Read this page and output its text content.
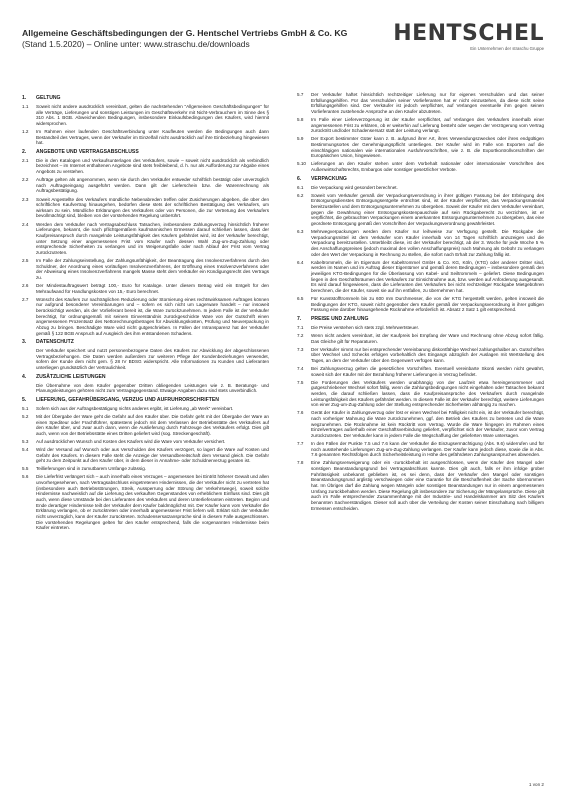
Allgemeine Geschäftsbedingungen der G. Hentschel Vertriebs GmbH & Co. KG
(Stand 1.5.2020) – Online unter: www.straschu.de/downloads	HENTSCHEL
Ein Unternehmen der straschu Gruppe
1.	GELTUNG
1.1	Soweit nicht andere ausdrücklich vereinbart, gelten die nachstehenden "Allgemeinen Geschäftsbedingungen" für alle Verträge, Lieferungen und sonstigen Leistungen im Geschäftsverkehr mit Nicht-Verbrauchern im Sinne des § 310 Abs. 1 BGB. Abweichenden Bedingungen, insbesondere Einkaufsbedingungen des Käufers, wird hiermit widersprochen.
1.2	Im Rahmen einer laufenden Geschäftsverbindung unter Kaufleuten werden die Bedingungen auch dann Bestandteil des Vertrages, wenn der Verkäufer im Einzelfall nicht ausdrücklich auf ihre Einbeziehung hingewiesen hat.
2.	ANGEBOTE UND VERTRAGSABSCHLUSS
2.1	Die in den Katalogen und Verkaufsunterlagen des Verkäufers, sowie – soweit nicht ausdrücklich als verbindlich bezeichnet – im Internet enthaltenen Angebote sind stets freibleibend, d. h. nur als Aufforderung zur Abgabe eines Angebots zu verstehen.
2.2	Aufträge gelten als angenommen, wenn sie durch den Verkäufer entweder schriftlich bestätigt oder unverzüglich nach Auftragseingang ausgeführt werden. Dann gilt der Lieferschein bzw. die Warenrechnung als Auftragsbestätigung.
2.3	Soweit Angestellte des Verkäufers mündliche Nebenabreden treffen oder Zusicherungen abgeben, die über den schriftlichen Kaufvertrag hinausgehen, bedürfen diese stets der schriftlichen Bestätigung des Verkäufers, um wirksam zu sein. Mündliche Erklärungen des Verkäufers oder von Personen, die zur Vertretung des Verkäufers bevollmächtigt sind, bleiben von der vorstehenden Regelung unberührt.
2.4	Werden dem Verkäufer nach Vertragsabschluss Tatsachen, insbesondere Zahlungsverzug hinsichtlich früherer Lieferungen, bekannt, die nach pflichtgemäßem kaufmännischen Ermessen darauf schließen lassen, dass der Kaufpreisanspruch durch mangelnde Leistungsfähigkeit des Käufers gefährdet wird, ist der Verkäufer berechtigt, unter Setzung einer angemessenen Frist vom Käufer nach dessen Wahl Zug-um-Zug-Zahlung oder entsprechende Sicherheiten zu verlangen und im Weigerungsfalle oder nach Ablauf der Frist vom Vertrag zurückzutreten.
2.5	Im Falle der Zahlungseinstellung, der Zahlungsunfähigkeit, der Beantragung des Insolvenzverfahrens durch den Schuldner, der Anordnung eines vorläufigen Insolvenzverfahrens, der Eröffnung eines Insolvenzverfahrens oder der Abweisung eines Insolvenzverfahrens mangels Masse steht dem Verkäufer ein Kündigungsrecht des Vertrags zu.
2.6	Der Mindestauftragswert beträgt 100,- Euro für Kataloge. Unter diesem Betrag wird ein Entgelt für den Mehraufwand für Handlungskosten von 15,- Euro berechnet.
2.7	Wünscht des Käufers zur nachträglichen Reduzierung oder Stornierung eines rechtswirksamen Auftrages können nur aufgrund besonderer Vereinbarungen und – sofern es sich nicht um Lagerware handelt – nur insoweit berücksichtigt werden, als der Vorlieferant bereit ist, die Ware zurückzunehmen. In jedem Falle ist der Verkäufer berechtigt, für ordnungsgemäß mit seinem Einverständnis zurückgeschickte Ware von der Gutschrift einen angemessenen Prozentsatz des Nettorechnungsbetrages für Abwicklungskosten, Prüfung und Neuverpackung in Abzug zu bringen. Beschädigte Ware wird nicht gutgeschrieben. In Fällen der Intransparenz hat der Verkäufer gemäß § 122 BGB Anspruch auf Ausgleich des ihm entstandenen Schadens.
3.	DATENSCHUTZ
Der Verkäufer speichert und nutzt personenbezogene Daten des Käufers zur Abwicklung der abgeschlossenen Vertragsbeziehungen. Die Daten werden außerdem zur weiteren Pflege der Kundenbeziehungen verwendet, sofern der Kunde dem nicht gem. § 28 IV BDSG widerspricht. Alle Informationen zu Kunden und Lieferanten unterliegen grundsätzlich der Vertraulichkeit.
4.	ZUSÄTZLICHE LEISTUNGEN
Die Übernahme von dem Käufer gegenüber Dritten obliegenden Leistungen wie z. B. Beratungs- und Planungsleistungen gehören nicht zum Vertragsgegenstand. Etwaige Angaben dazu sind stets unverbindlich.
5.	LIEFERUNG, GEFAHRÜBERGANG, VERZUG UND AUFRUHRORSCHRIFTEN
5.1	Sofern sich aus der Auftragsbestätigung nichts anderes ergibt, ist Lieferung „ab Werk“ vereinbart.
5.2	Mit der Übergabe der Ware geht die Gefahr auf den Käufer über. Die Gefahr geht mit der Übergabe der Ware an einen Spediteur oder Frachtführer, spätestens jedoch mit dem Verlassen der Betriebsstätte des Verkäufers auf den Käufer über, und zwar auch dann, wenn die Auslieferung durch Fahrzeuge des Verkäufers erfolgt. Dies gilt auch, wenn von der Betriebsstätte eines Dritten geliefert wird (sog. Streckengeschäft).
5.3	Auf ausdrücklichen Wunsch und Kosten des Käufers wird die Ware vom Verkäufer versichert.
5.4	Wird der Versand auf Wunsch oder aus Verschulden des Käufers verzögert, so lagert die Ware auf Kosten und Gefahr des Käufers. In diesem Falle steht die Anzeige der Versandbereitschaft dem Versand gleich. Die Gefahr geht zu dem Zeitpunkt auf den Käufer über, in dem dieser in Annahme- oder Schuldnerverzug geraten ist.
5.5	Teillieferungen sind in zumutbarem Umfange zulässig.
5.6	Die Lieferfrist verlängert sich – auch innerhalb eines Verzuges – angemessen bei Eintritt höherer Gewalt und allen unvorhergesehenen, nach Vertragsabschluss eingetretenen Hindernissen, die der Verkäufer nicht zu vertreten hat (insbesondere auch Betriebsstörungen, Streik, Aussperrung oder Störung der Verkehrswege), soweit solche Hindernisse nachweislich auf die Lieferung des verkauften Gegenstandes von erheblichem Einfluss sind. Dies gilt auch, wenn diese Umstände bei den Lieferanten des Verkäufers und deren Unterlieferanten eintreten. Beginn und Ende derartiger Hindernisse teilt der Verkäufer dem Käufer baldmöglichst mit. Der Käufer kann vom Verkäufer die Erklärung verlangen, ob er zurücktreten oder innerhalb angemessener Frist liefern will. Erklärt sich der Verkäufer nicht unverzüglich, kann der Käufer zurücktreten. Schadensersatzansprüche sind in diesem Falle ausgeschlossen. Die vorstehenden Regelungen gelten für den Käufer entsprechend, falls die vorgenannten Hindernisse beim Käufer eintreten.
5.7	Der Verkäufer haftet hinsichtlich rechtzeitiger Lieferung nur für eigenes Verschulden und das seiner Erfüllungsgehilfen. Für das Verschulden seiner Vorlieferanten hat er nicht einzustehen, da diese nicht seine Erfüllungsgehilfen sind. Der Verkäufer ist jedoch verpflichtet, auf Verlangen eventuelle ihm gegen seinen Vorlieferanten zustehende Ansprüche an den Käufer abzutreten.
5.8	Im Falle einer Lieferverzögerung ist der Käufer verpflichtet, auf Verlangen des Verkäufers innerhalb einer angemessenen Frist zu erklären, ob er weiterhin auf Lieferung besteht oder wegen der Verzögerung vom Vertrag zurücktritt und/oder Schadensersatz statt der Leistung verlangt.
5.9	Der Export bestimmter Güter kann z. B. aufgrund ihrer Art, ihres Verwendungszweckes oder ihres endgültigen Bestimmungsortes der Genehmigungspflicht unterliegen. Der Käufer wird im Falle von Exporten auf die einschlägigen nationalen wie internationalen Ausfuhrvorschriften, wie z. B. die Exportkontrollvorschriften der Europäischen Union, hingewiesen.
5.10	Lieferungen an den Käufer stehen unter dem Vorbehalt nationaler oder internationaler Vorschriften des Außenwirtschaftsrechts, Embargos oder sonstiger gesetzlicher Verbote.
6.	VERPACKUNG
6.1	Die Verpackung wird gesondert berechnet.
6.2	Soweit vom Verkäufer gemäß der Verpackungsverordnung in ihrer gültigen Fassung bei der Erbringung des Entsorgungsdienstes Entsorgungsentgelte entrichtet sind, ist der Käufer verpflichtet, das Verpackungsmaterial bereitzustellen und dem Entsorgungsunternehmen zu übergeben. Soweit der Käufer mit dem Verkäufer vereinbart, gegen die Gewährung einer Entsorgungskostenpauschale auf sein Rückgaberecht zu verzichten, ist er verpflichtet, die gebrauchten Verpackungen einem anerkannten Entsorgungsunternehmen zu übergeben, das eine geordnete Entsorgung gemäß den Vorschriften der Verpackungsverordnung gewährleistet.
6.3	Mehrwegverpackungen werden dem Käufer nur leihweise zur Verfügung gestellt. Die Rückgabe der Verpackungsmittel ist dem Verkäufer vom Käufer innerhalb von 14 Tagen schriftlich anzuzeigen und die Verpackung bereitzustellen. Unterbleibt diese, ist der Verkäufer berechtigt, ab der 3. Woche für jede Woche 5 % des Anschaffungspreises (jedoch maximal den vollen Anschaffungspreis) nach Mahnung als Gebühr zu verlangen oder den Wert der Verpackung in Rechnung zu stellen, die sofort nach Erhalt zur Zahlung fällig ist.
6.4	Kabeltrommeln, die im Eigentum der Kabeltrommel GmbH & Co. KG, Köln, (KTG) oder anderer Dritter sind, werden im Namen und im Auftrag dieser Eigentümer und gemäß deren Bedingungen – insbesondere gemäß den jeweiligen KTG-Bedingungen für die Überlassung von Kabel- und Seiltrommeln – geliefert. Diese Bedingungen liegen in den Geschäftsräumen des Verkäufers zur Einsichtnahme aus, bzw. werden auf Anforderung ausgesandt. Es wird darauf hingewiesen, dass die Lieferanten des Verkäufers bei nicht rechtzeitiger Rückgabe Mietgebühren berechnen, die der Käufer, soweit sie auf ihn entfallen, zu übernehmen hat.
6.5	Für Kunststofftrommeln bis zu 600 mm Durchmesser, die von der KTG hergestellt werden, gelten insoweit die Bedingungen der KTG, soweit nicht gegenüber dem Käufer gemäß der Verpackungsverordnung in ihrer gültigen Fassung eine darüber hinausgehende Rücknahme erforderlich ist. Absatz 2 Satz 1 gilt entsprechend.
7.	PREISE UND ZAHLUNG
7.1	Die Preise verstehen sich stets zzgl. Mehrwertsteuer.
7.2	Wenn nicht anders vereinbart, ist der Kaufpreis bei Empfang der Ware und Rechnung ohne Abzug sofort fällig. Das Gleiche gilt für Reparaturen.
7.3	Der Verkäufer nimmt nur bei entsprechender Vereinbarung diskontfähige Wechsel zahlungshalber an. Gutschriften über Wechsel und Schecks erfolgen vorbehaltlich des Eingangs abzüglich der Auslagen mit Wertstellung des Tages, an dem der Verkäufer über den Gegenwert verfügen kann.
7.4	Bei Zahlungsverzug gelten die gesetzlichen Vorschriften. Eventuell vereinbarte Skonti werden nicht gewährt, soweit sich der Käufer mit der Bezahlung früherer Lieferungen in Verzug befindet.
7.5	Die Forderungen des Verkäufers werden unabhängig von der Laufzeit etwa hereingenommener und gutgeschriebener Wechsel sofort fällig, wenn die Zahlungsbedingungen nicht eingehalten oder Tatsachen bekannt werden, die darauf schließen lassen, dass die Kaufpreisansprüche des Verkäufers durch mangelnde Leistungsfähigkeit des Käufers gefährdet werden. In diesem Falle ist der Verkäufer berechtigt, weitere Lieferungen von einer Zug-um-Zug-Zahlung oder der Stellung entsprechender Sicherheiten abhängig zu machen.
7.6	Gerät der Käufer in Zahlungsverzug oder löst er einen Wechsel bei Fälligkeit nicht ein, ist der Verkäufer berechtigt, nach vorheriger Mahnung die Ware zurückzunehmen, ggf. den Betrieb des Käufers zu betreten und die Ware wegzunehmen. Die Rücknahme ist kein Rücktritt vom Vertrag. Wurde die Ware hingegen im Rahmen eines Einzelvertrages außerhalb einer Geschäftsverbindung geliefert, verpflichtet sich der Verkäufer, zuvor vom Vertrag zurückzutreten. Der Verkäufer kann in jedem Falle die Wegschaffung der gelieferten Ware untersagen.
7.7	In den Fällen der Punkte 7.5 und 7.6 kann der Verkäufer die Einzugsermächtigung (Abs. 9.6) widerrufen und für noch ausstehende Lieferungen Zug-um-Zug-Zahlung verlangen. Der Käufer kann jedoch diese, sowie die in Abs. 7.6 genannten Rechtsfolgen durch Sicherheitsleistung in Höhe des gefährdeten Zahlungsanspruches abwenden.
7.8	Eine Zahlungsverweigerung oder ein -zurückbehalt ist ausgeschlossen, wenn der Käufer den Mangel oder sonstigen Beanstandungsgrund bei Vertragsabschluss kannte. Dies gilt auch, falls er ihm infolge grober Fahrlässigkeit unbekannt geblieben ist, es sei denn, dass der Verkäufer den Mangel oder sonstigen Beanstandungsgrund arglistig verschwiegen oder eine Garantie für die Beschaffenheit der Sache übernommen hat. Im Übrigen darf die Zahlung wegen Mängeln oder sonstigen Beanstandungen nur in einem angemessenen Umfang zurückbehalten werden. Diese Regelung gilt insbesondere zur Sicherung der Mängelansprüche. Diese gilt auch im Falle entsprechender Zusammenhänge mit der Industrie- und Handelskammer am Sitz des Käufers benannten Sachverständigen. Dieser soll auch über die Verteilung der Kosten seiner Einschaltung nach billigem Ermessen entscheiden.
1 von 2
